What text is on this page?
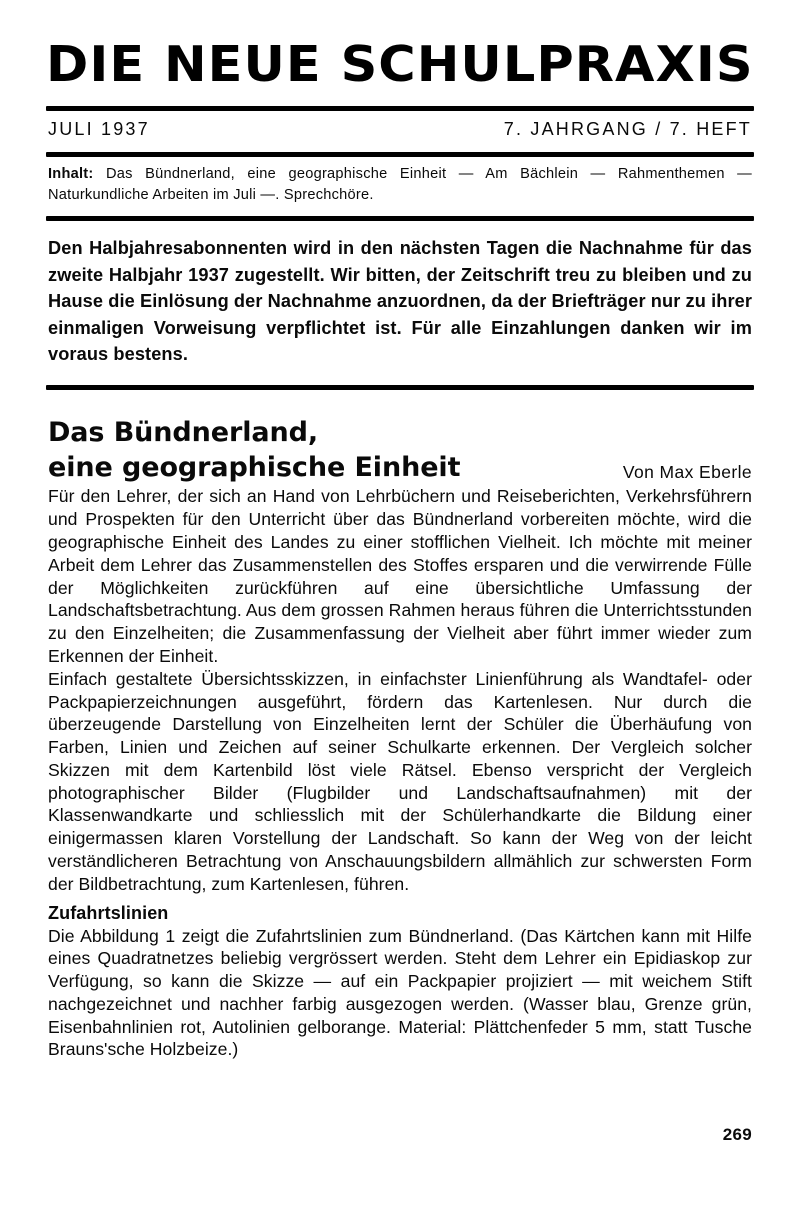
DIE NEUE SCHULPRAXIS
JULI 1937	7. JAHRGANG / 7. HEFT
Inhalt: Das Bündnerland, eine geographische Einheit — Am Bächlein — Rahmenthemen — Naturkundliche Arbeiten im Juli —. Sprechchöre.
Den Halbjahresabonnenten wird in den nächsten Tagen die Nachnahme für das zweite Halbjahr 1937 zugestellt. Wir bitten, der Zeitschrift treu zu bleiben und zu Hause die Einlösung der Nachnahme anzuordnen, da der Briefträger nur zu ihrer einmaligen Vorweisung verpflichtet ist. Für alle Einzahlungen danken wir im voraus bestens.
Das Bündnerland,
eine geographische Einheit	Von Max Eberle

Für den Lehrer, der sich an Hand von Lehrbüchern und Reiseberichten, Verkehrsführern und Prospekten für den Unterricht über das Bündnerland vorbereiten möchte, wird die geographische Einheit des Landes zu einer stofflichen Vielheit. Ich möchte mit meiner Arbeit dem Lehrer das Zusammenstellen des Stoffes ersparen und die verwirrende Fülle der Möglichkeiten zurückführen auf eine übersichtliche Umfassung der Landschaftsbetrachtung. Aus dem grossen Rahmen heraus führen die Unterrichtsstunden zu den Einzelheiten; die Zusammenfassung der Vielheit aber führt immer wieder zum Erkennen der Einheit.

Einfach gestaltete Übersichtsskizzen, in einfachster Linienführung als Wandtafel- oder Packpapierzeichnungen ausgeführt, fördern das Kartenlesen. Nur durch die überzeugende Darstellung von Einzelheiten lernt der Schüler die Überhäufung von Farben, Linien und Zeichen auf seiner Schulkarte erkennen. Der Vergleich solcher Skizzen mit dem Kartenbild löst viele Rätsel. Ebenso verspricht der Vergleich photographischer Bilder (Flugbilder und Landschaftsaufnahmen) mit der Klassenwandkarte und schliesslich mit der Schülerhandkarte die Bildung einer einigermassen klaren Vorstellung der Landschaft. So kann der Weg von der leicht verständlicheren Betrachtung von Anschauungsbildern allmählich zur schwersten Form der Bildbetrachtung, zum Kartenlesen, führen.

Zufahrtslinien

Die Abbildung 1 zeigt die Zufahrtslinien zum Bündnerland. (Das Kärtchen kann mit Hilfe eines Quadratnetzes beliebig vergrössert werden. Steht dem Lehrer ein Epidiaskop zur Verfügung, so kann die Skizze — auf ein Packpapier projiziert — mit weichem Stift nachgezeichnet und nachher farbig ausgezogen werden. (Wasser blau, Grenze grün, Eisenbahnlinien rot, Autolinien gelborange. Material: Plättchenfeder 5 mm, statt Tusche Brauns'sche Holzbeize.)

269
